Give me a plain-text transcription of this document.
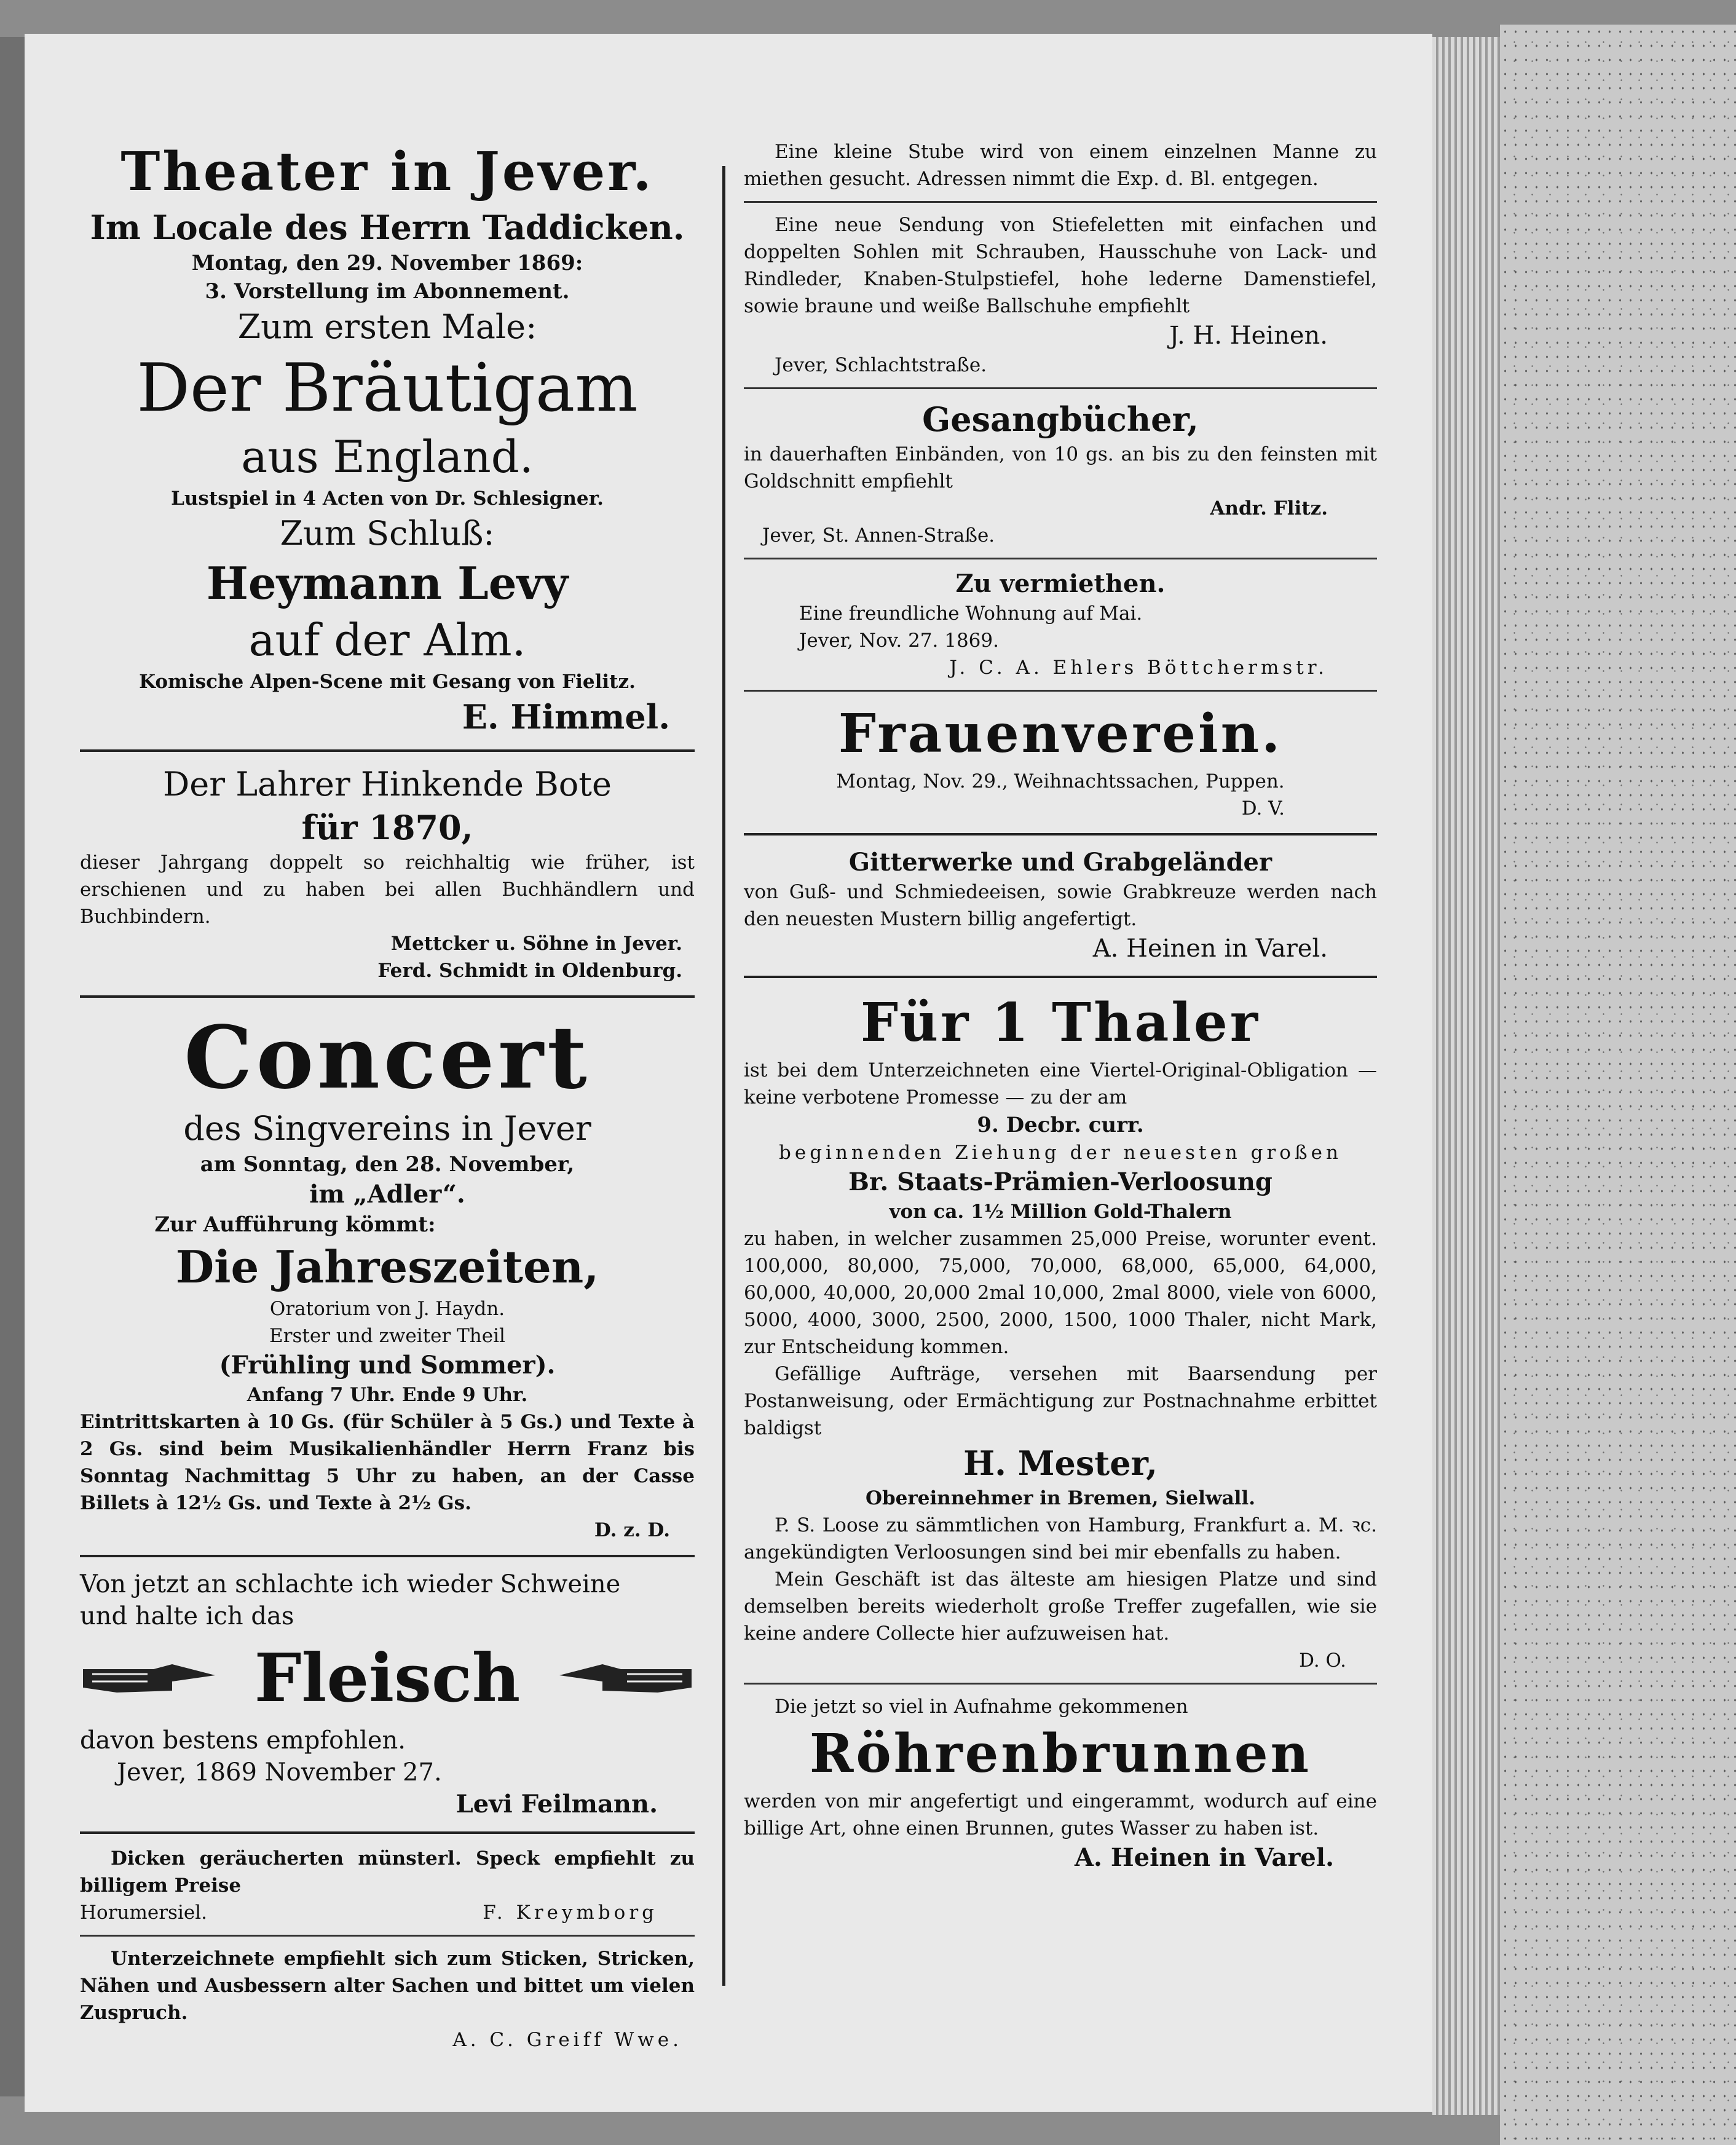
Theater in Jever.
Im Locale des Herrn Taddicken.
Montag, den 29. November 1869:
3. Vorstellung im Abonnement.
Zum ersten Male:
Der Bräutigam
aus England.
Lustspiel in 4 Acten von Dr. Schlesigner.
Zum Schluß:
Heymann Levy
auf der Alm.
Komische Alpen-Scene mit Gesang von Fielitz.
E. Himmel.
Der Lahrer Hinkende Bote
für 1870,
dieser Jahrgang doppelt so reichhaltig wie früher, ist erschienen und zu haben bei allen Buchhändlern und Buchbindern.
Mettcker u. Söhne in Jever.
Ferd. Schmidt in Oldenburg.
Concert
des Singvereins in Jever
am Sonntag, den 28. November,
im „Adler“.
Zur Aufführung kömmt:
Die Jahreszeiten,
Oratorium von J. Haydn.
Erster und zweiter Theil
(Frühling und Sommer).
Anfang 7 Uhr. Ende 9 Uhr.
Eintrittskarten à 10 Gs. (für Schüler à 5 Gs.) und Texte à 2 Gs. sind beim Musikalienhändler Herrn Franz bis Sonntag Nachmittag 5 Uhr zu haben, an der Casse Billets à 12½ Gs. und Texte à 2½ Gs.
D. z. D.
Von jetzt an schlachte ich wieder Schweine
und halte ich das
Fleisch
davon bestens empfohlen.
Jever, 1869 November 27.
Levi Feilmann.
Dicken geräucherten münsterl. Speck empfiehlt zu billigem Preise
Horumersiel.	F. Kreymborg
Unterzeichnete empfiehlt sich zum Sticken, Stricken, Nähen und Ausbessern alter Sachen und bittet um vielen Zuspruch.
A. C. Greiff Wwe.
Eine kleine Stube wird von einem einzelnen Manne zu miethen gesucht. Adressen nimmt die Exp. d. Bl. entgegen.
Eine neue Sendung von Stiefeletten mit einfachen und doppelten Sohlen mit Schrauben, Hausschuhe von Lack- und Rindleder, Knaben-Stulpstiefel, hohe lederne Damenstiefel, sowie braune und weiße Ballschuhe empfiehlt
J. H. Heinen.
Jever, Schlachtstraße.
Gesangbücher,
in dauerhaften Einbänden, von 10 gs. an bis zu den feinsten mit Goldschnitt empfiehlt
Andr. Flitz.
Jever, St. Annen-Straße.
Zu vermiethen.
Eine freundliche Wohnung auf Mai.
Jever, Nov. 27. 1869.
J. C. A. Ehlers Böttchermstr.
Frauenverein.
Montag, Nov. 29., Weihnachtssachen, Puppen.
D. V.
Gitterwerke und Grabgeländer
von Guß- und Schmiedeeisen, sowie Grabkreuze werden nach den neuesten Mustern billig angefertigt.
A. Heinen in Varel.
Für 1 Thaler
ist bei dem Unterzeichneten eine Viertel-Original-Obligation — keine verbotene Promesse — zu der am
9. Decbr. curr.
beginnenden Ziehung der neuesten großen
Br. Staats-Prämien-Verloosung
von ca. 1½ Million Gold-Thalern
zu haben, in welcher zusammen 25,000 Preise, worunter event. 100,000, 80,000, 75,000, 70,000, 68,000, 65,000, 64,000, 60,000, 40,000, 20,000 2mal 10,000, 2mal 8000, viele von 6000, 5000, 4000, 3000, 2500, 2000, 1500, 1000 Thaler, nicht Mark, zur Entscheidung kommen.
Gefällige Aufträge, versehen mit Baarsendung per Postanweisung, oder Ermächtigung zur Postnachnahme erbittet baldigst
H. Mester,
Obereinnehmer in Bremen, Sielwall.
P. S. Loose zu sämmtlichen von Hamburg, Frankfurt a. M. ꝛc. angekündigten Verloosungen sind bei mir ebenfalls zu haben.
Mein Geschäft ist das älteste am hiesigen Platze und sind demselben bereits wiederholt große Treffer zugefallen, wie sie keine andere Collecte hier aufzuweisen hat.
D. O.
Die jetzt so viel in Aufnahme gekommenen
Röhrenbrunnen
werden von mir angefertigt und eingerammt, wodurch auf eine billige Art, ohne einen Brunnen, gutes Wasser zu haben ist.
A. Heinen in Varel.
